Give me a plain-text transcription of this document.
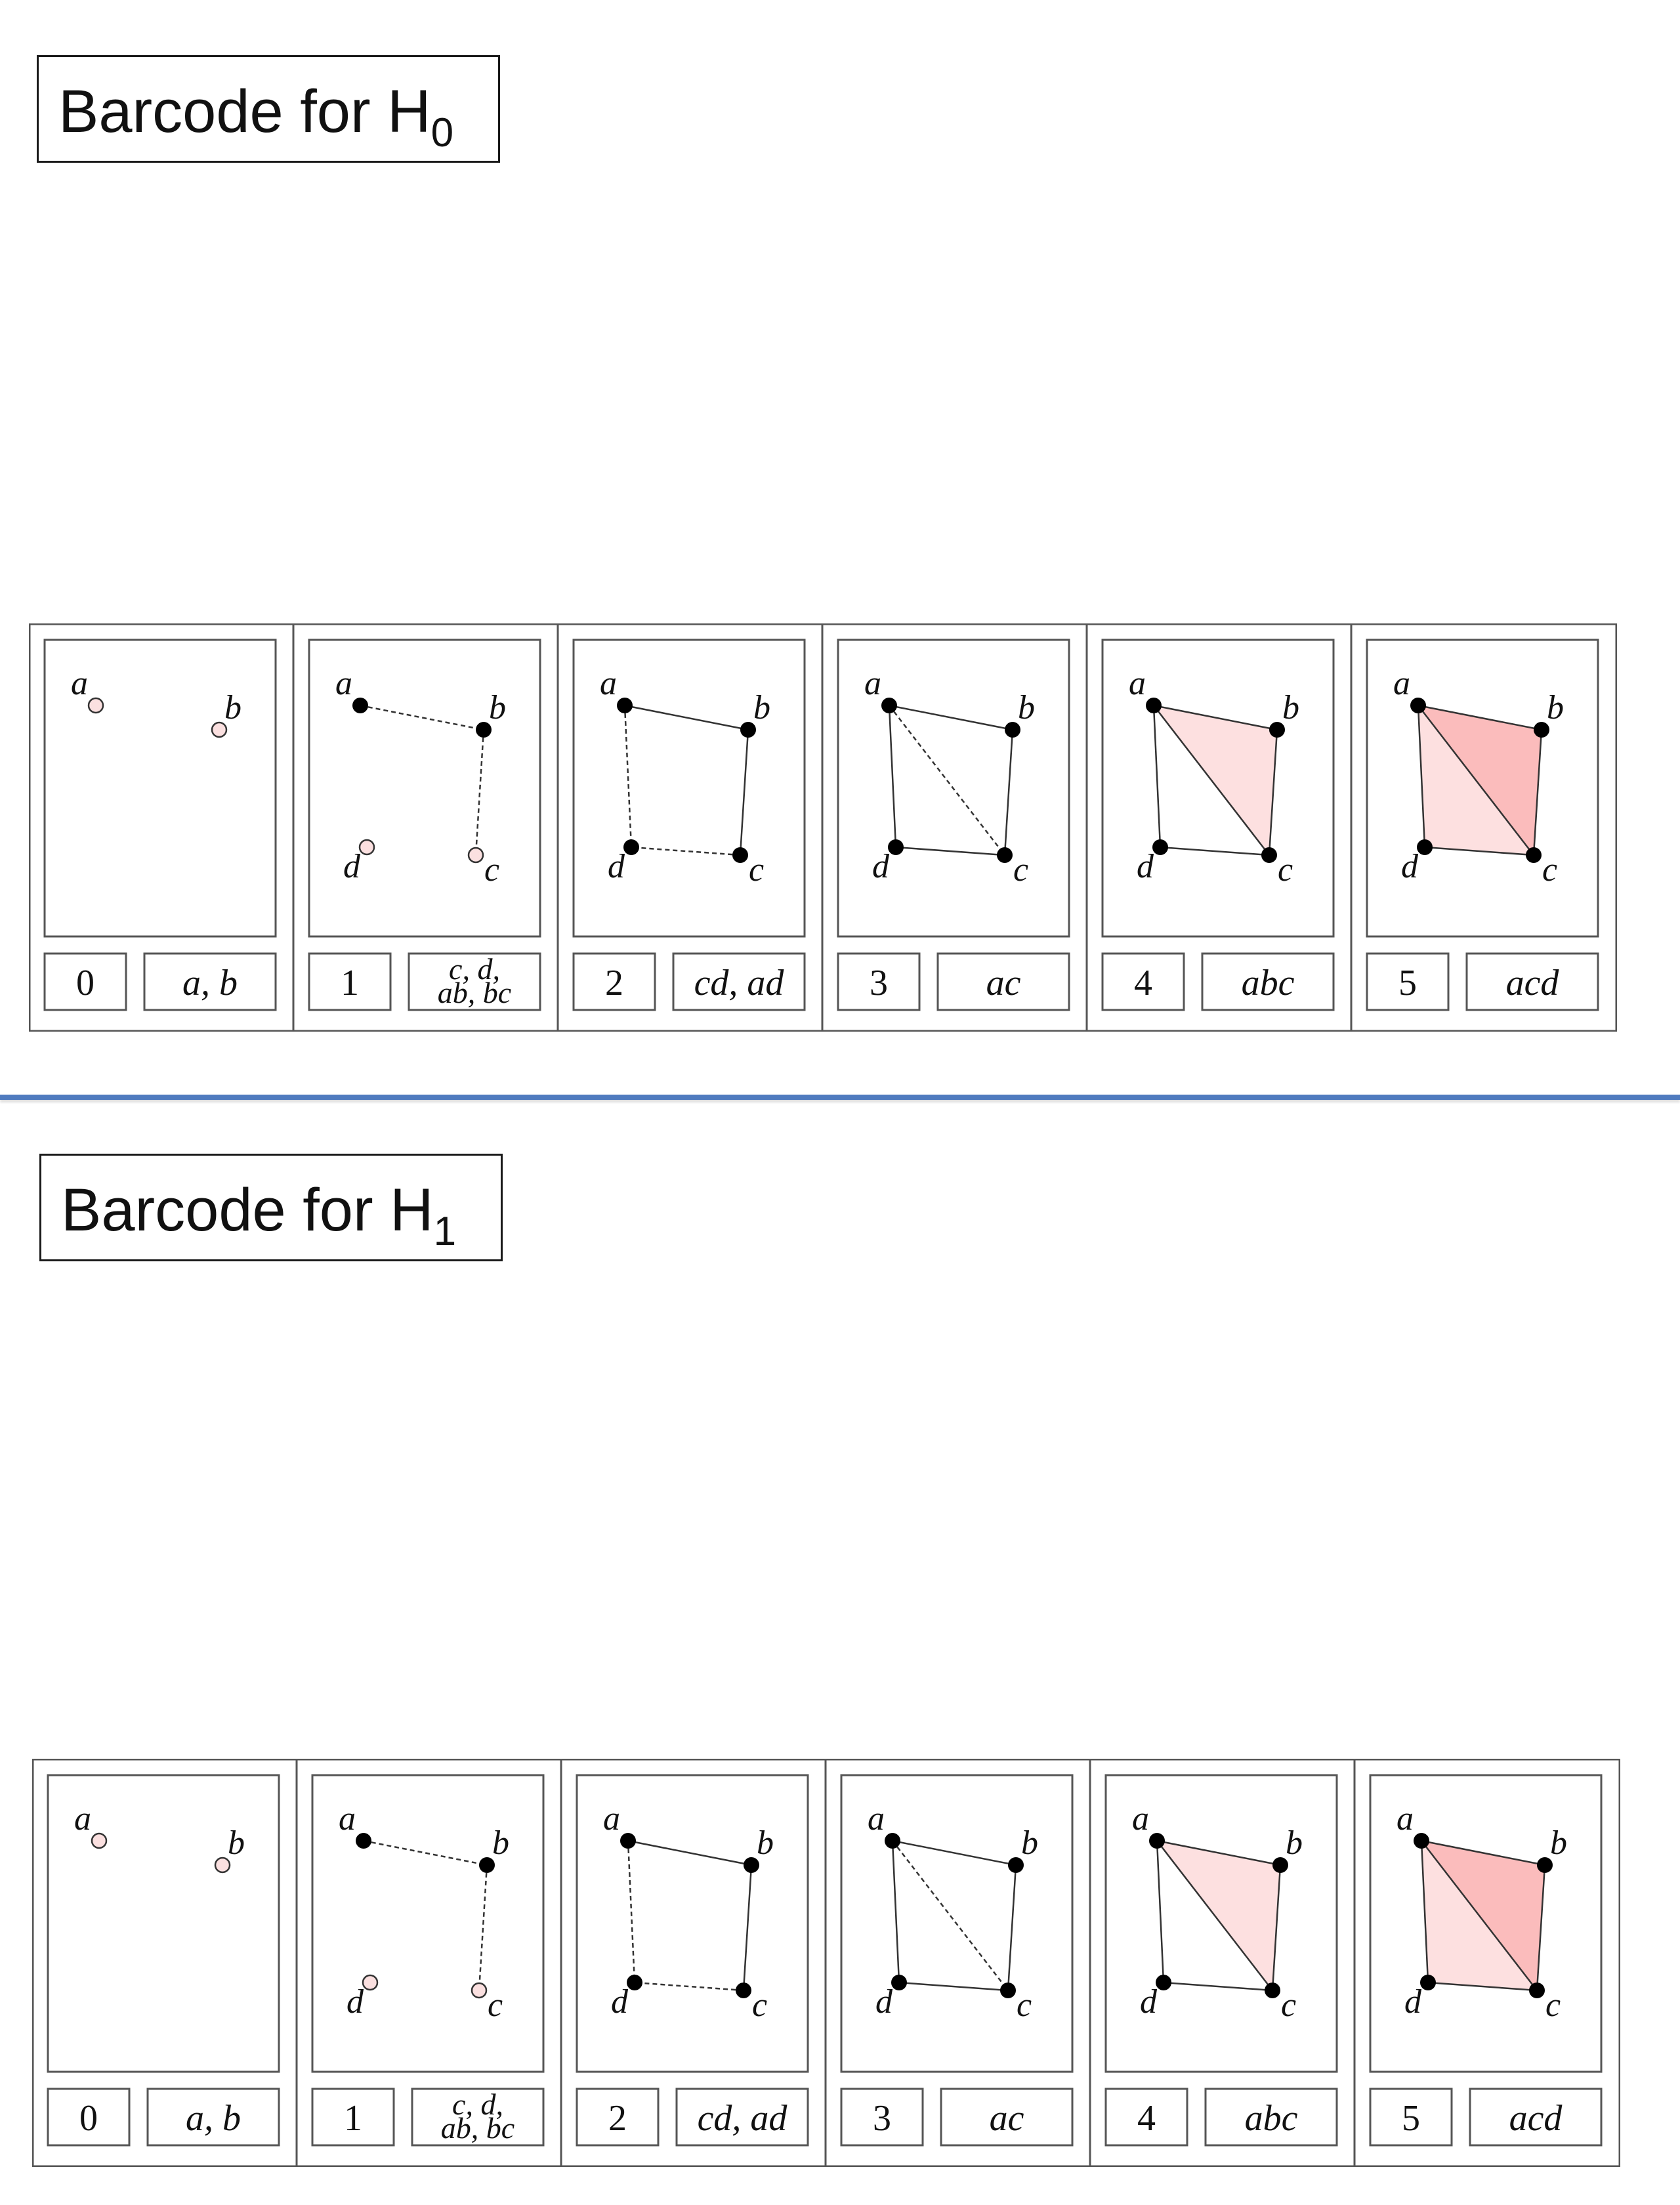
Barcode for $H_0$
a
b
0 a, b
a
b
c
d
1	c, d,
ab, bc
a
b
c
d
2 cd, ad
a
b
c
d
3	ac
a
b
c
d
4 abc
a
b
c
d
5 acd
Barcode for $H_1$
a
b
0 a, b
a
b
c
d
1	c, d,
ab, bc
a
b
c
d
2 cd, ad
a
b
c
d
3	ac
a
b
c
d
4 abc
a
b
c
d
5 acd
